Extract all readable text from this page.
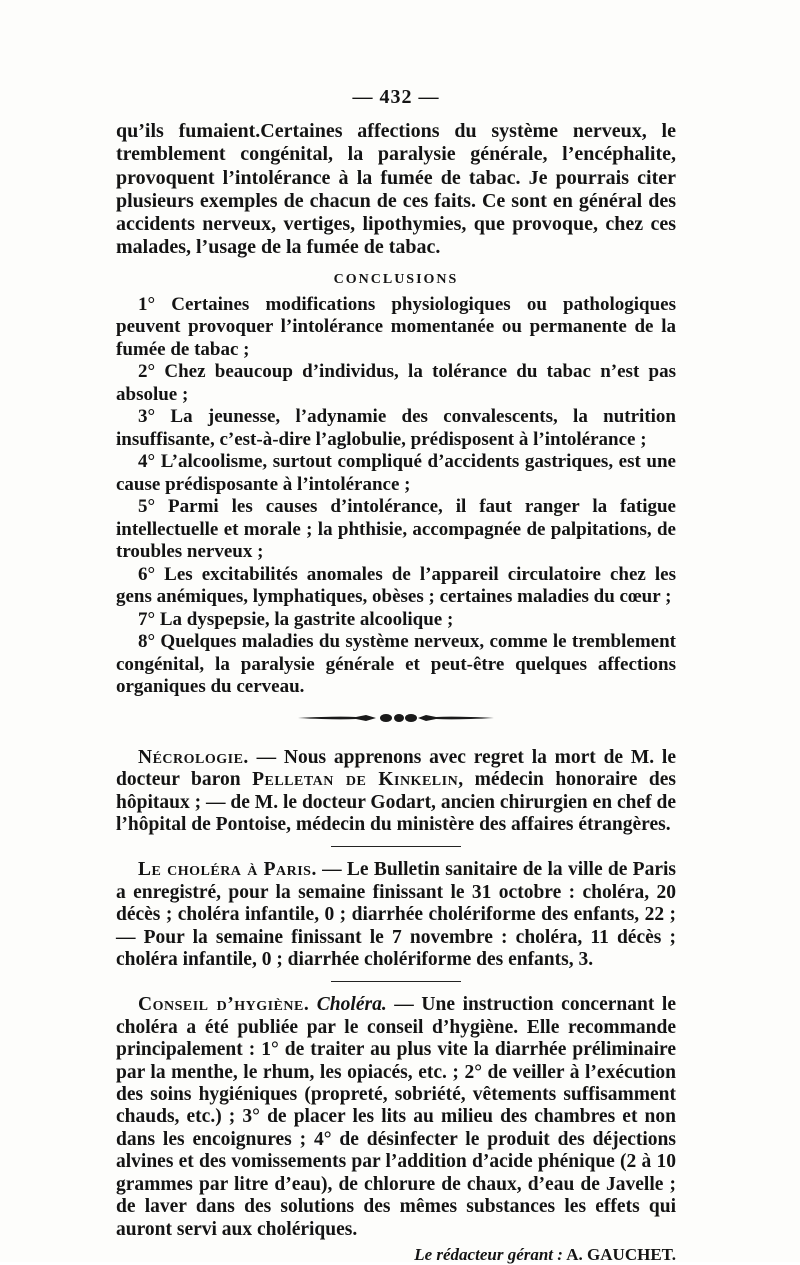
— 432 —

qu’ils fumaient.Certaines affections du système nerveux, le tremblement congénital, la paralysie générale, l’encéphalite, provoquent l’intolérance à la fumée de tabac. Je pourrais citer plusieurs exemples de chacun de ces faits. Ce sont en général des accidents nerveux, vertiges, lipothymies, que provoque, chez ces malades, l’usage de la fumée de tabac.

CONCLUSIONS

1° Certaines modifications physiologiques ou pathologiques peuvent provoquer l’intolérance momentanée ou permanente de la fumée de tabac ;

2° Chez beaucoup d’individus, la tolérance du tabac n’est pas absolue ;

3° La jeunesse, l’adynamie des convalescents, la nutrition insuffisante, c’est-à-dire l’aglobulie, prédisposent à l’intolérance ;

4° L’alcoolisme, surtout compliqué d’accidents gastriques, est une cause prédisposante à l’intolérance ;

5° Parmi les causes d’intolérance, il faut ranger la fatigue intellectuelle et morale ; la phthisie, accompagnée de palpitations, de troubles nerveux ;

6° Les excitabilités anomales de l’appareil circulatoire chez les gens anémiques, lymphatiques, obèses ; certaines maladies du cœur ;

7° La dyspepsie, la gastrite alcoolique ;

8° Quelques maladies du système nerveux, comme le tremblement congénital, la paralysie générale et peut-être quelques affections organiques du cerveau.

Nécrologie. — Nous apprenons avec regret la mort de M. le docteur baron Pelletan de Kinkelin, médecin honoraire des hôpitaux ; — de M. le docteur Godart, ancien chirurgien en chef de l’hôpital de Pontoise, médecin du ministère des affaires étrangères.

Le choléra à Paris. — Le Bulletin sanitaire de la ville de Paris a enregistré, pour la semaine finissant le 31 octobre : choléra, 20 décès ; choléra infantile, 0 ; diarrhée cholériforme des enfants, 22 ; — Pour la semaine finissant le 7 novembre : choléra, 11 décès ; choléra infantile, 0 ; diarrhée cholériforme des enfants, 3.

Conseil d’hygiène. Choléra. — Une instruction concernant le choléra a été publiée par le conseil d’hygiène. Elle recommande principalement : 1° de traiter au plus vite la diarrhée préliminaire par la menthe, le rhum, les opiacés, etc. ; 2° de veiller à l’exécution des soins hygiéniques (propreté, sobriété, vêtements suffisamment chauds, etc.) ; 3° de placer les lits au milieu des chambres et non dans les encoignures ; 4° de désinfecter le produit des déjections alvines et des vomissements par l’addition d’acide phénique (2 à 10 grammes par litre d’eau), de chlorure de chaux, d’eau de Javelle ; de laver dans des solutions des mêmes substances les effets qui auront servi aux cholériques.

Le rédacteur gérant : A. GAUCHET.
